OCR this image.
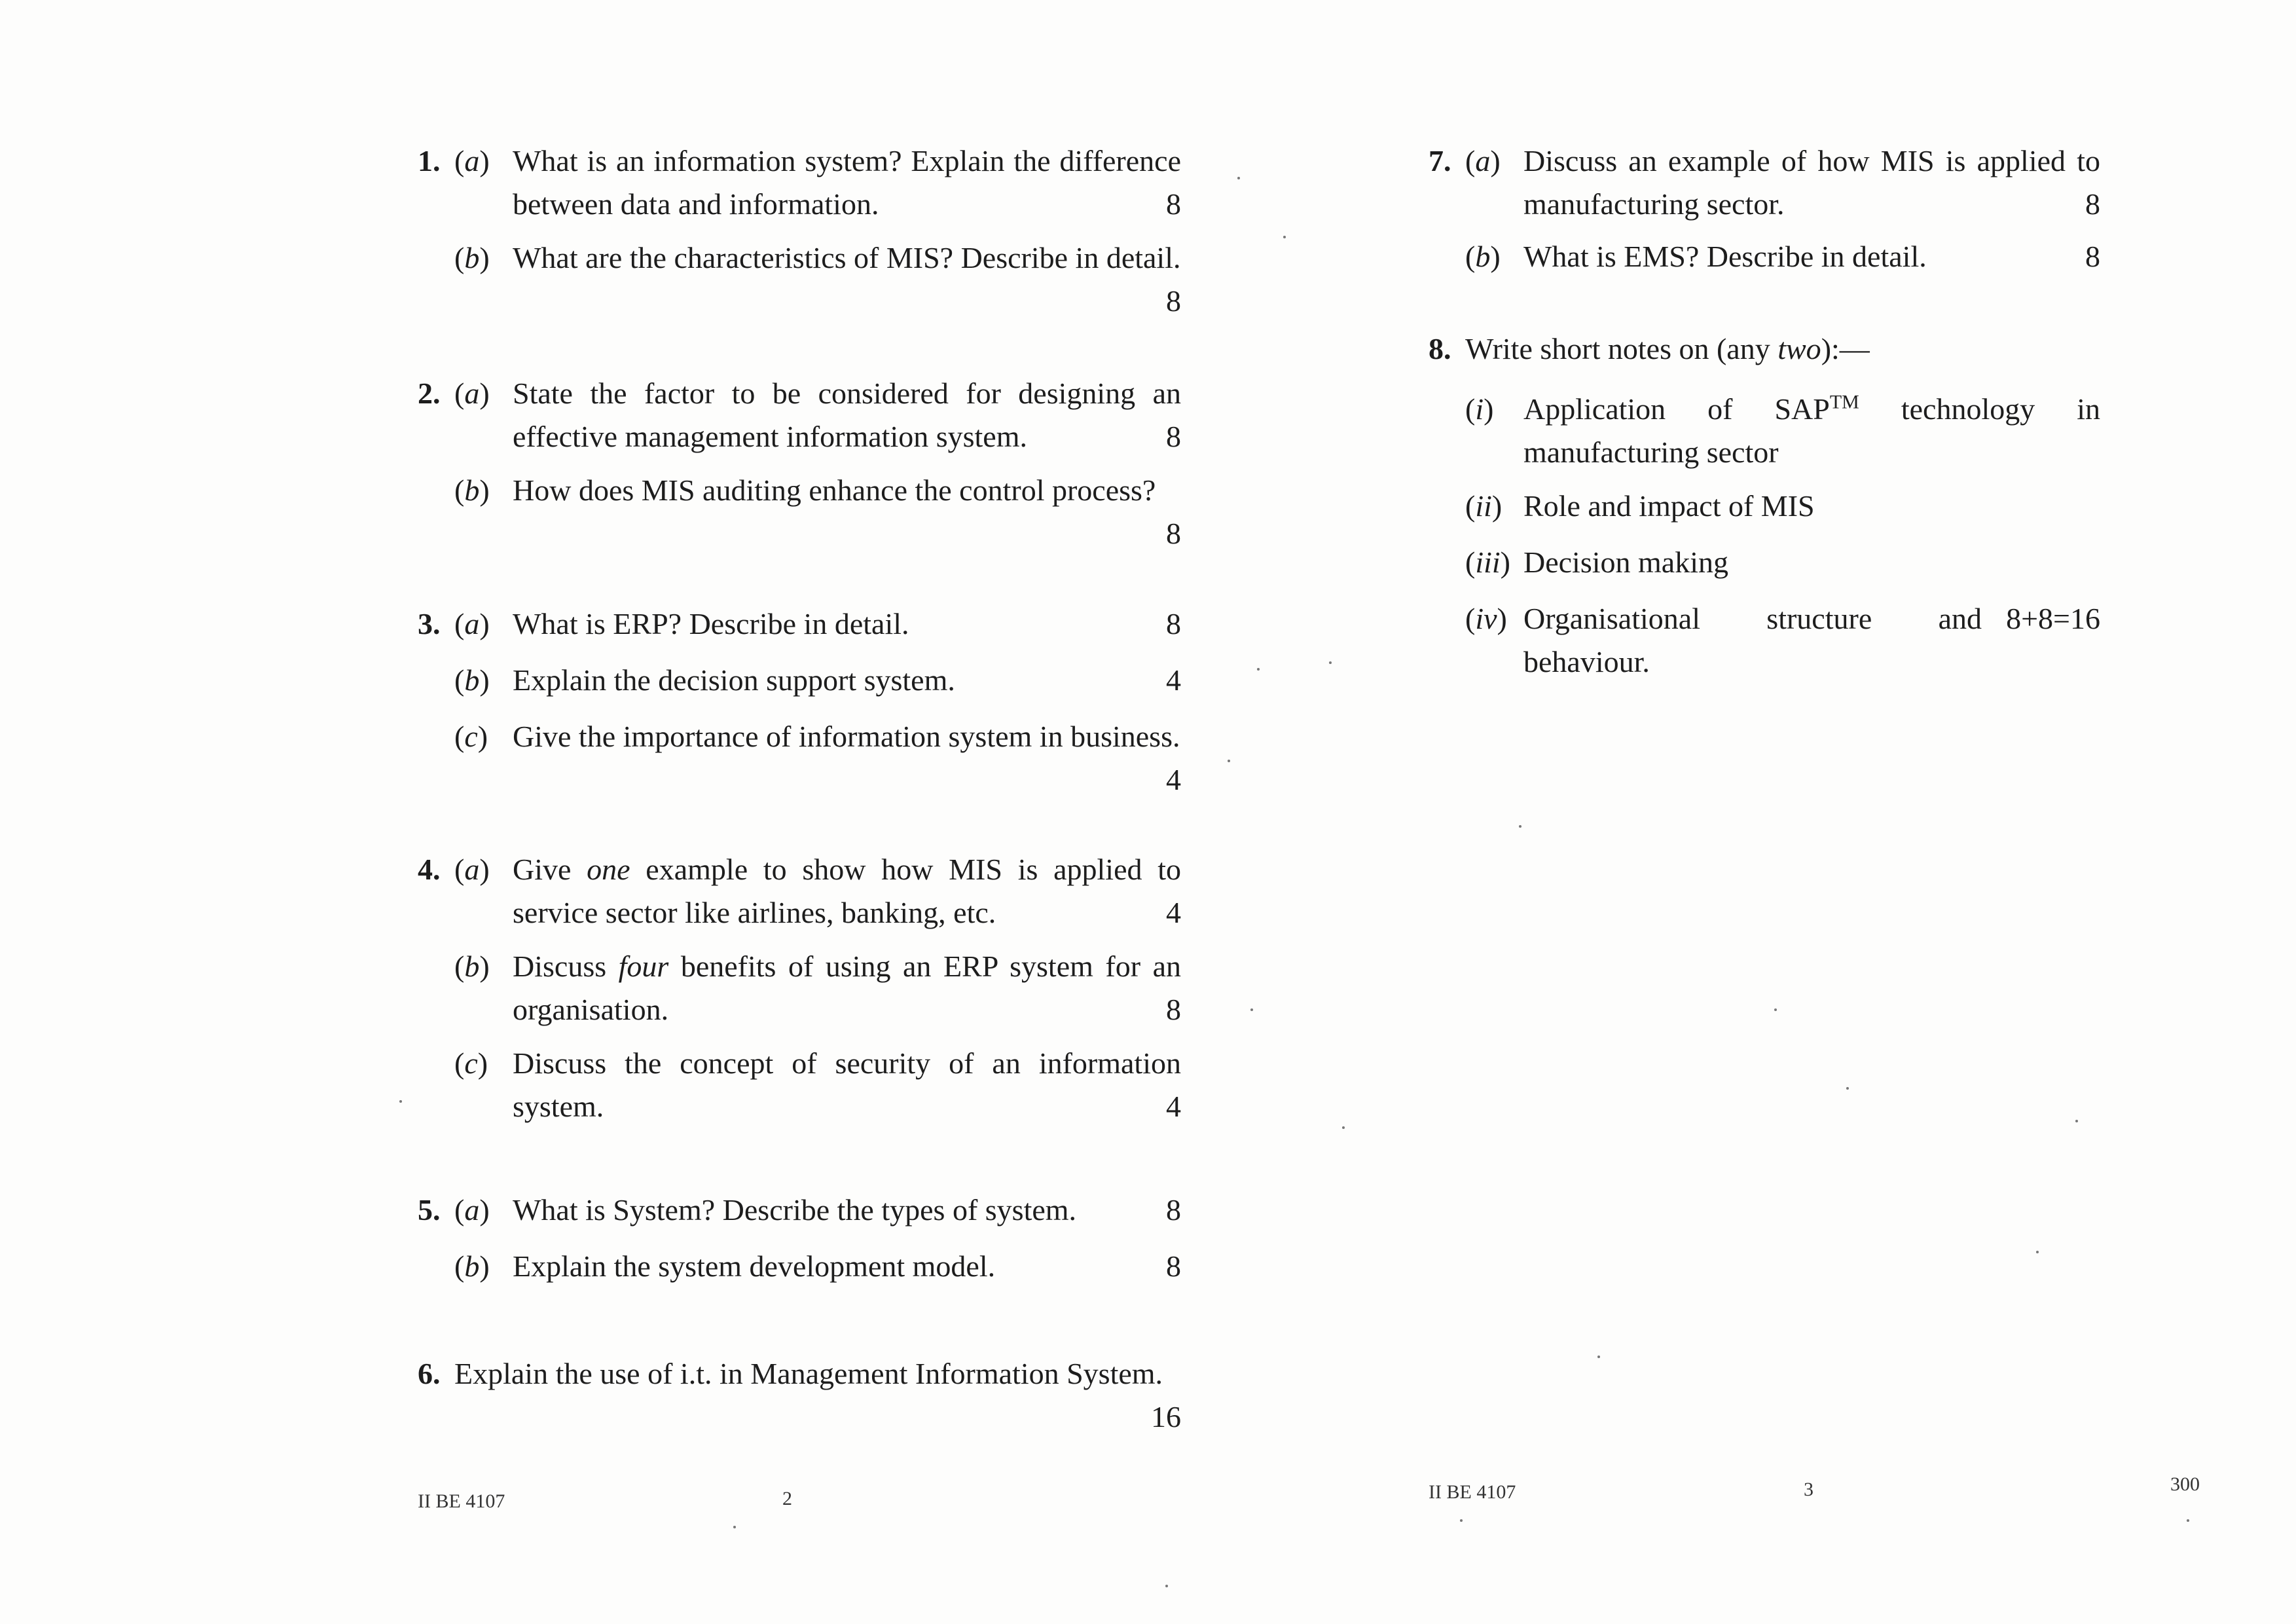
1. (a) What is an information system? Explain the difference between data and information.	8
(b) What are the characteristics of MIS? Describe in detail.
8
2. (a) State the factor to be considered for designing an effective management information system.	8
(b) How does MIS auditing enhance the control process?
8
3. (a) What is ERP? Describe in detail.	8
(b) Explain the decision support system.	4
(c) Give the importance of information system in business.
4
4. (a) Give one example to show how MIS is applied to service sector like airlines, banking, etc.	4
(b) Discuss four benefits of using an ERP system for an organisation.	8
(c) Discuss the concept of security of an information system.	4
5. (a) What is System? Describe the types of system.	8
(b) Explain the system development model.	8
6. Explain the use of i.t. in Management Information System.
16
II BE 4107	2
7. (a) Discuss an example of how MIS is applied to manufacturing sector.	8
(b) What is EMS? Describe in detail.	8
8. Write short notes on (any two):—
(i) Application of SAP™ technology in manufacturing sector
(ii) Role and impact of MIS
(iii) Decision making
(iv) Organisational structure and behaviour.
8+8=16
II BE 4107	3	300
